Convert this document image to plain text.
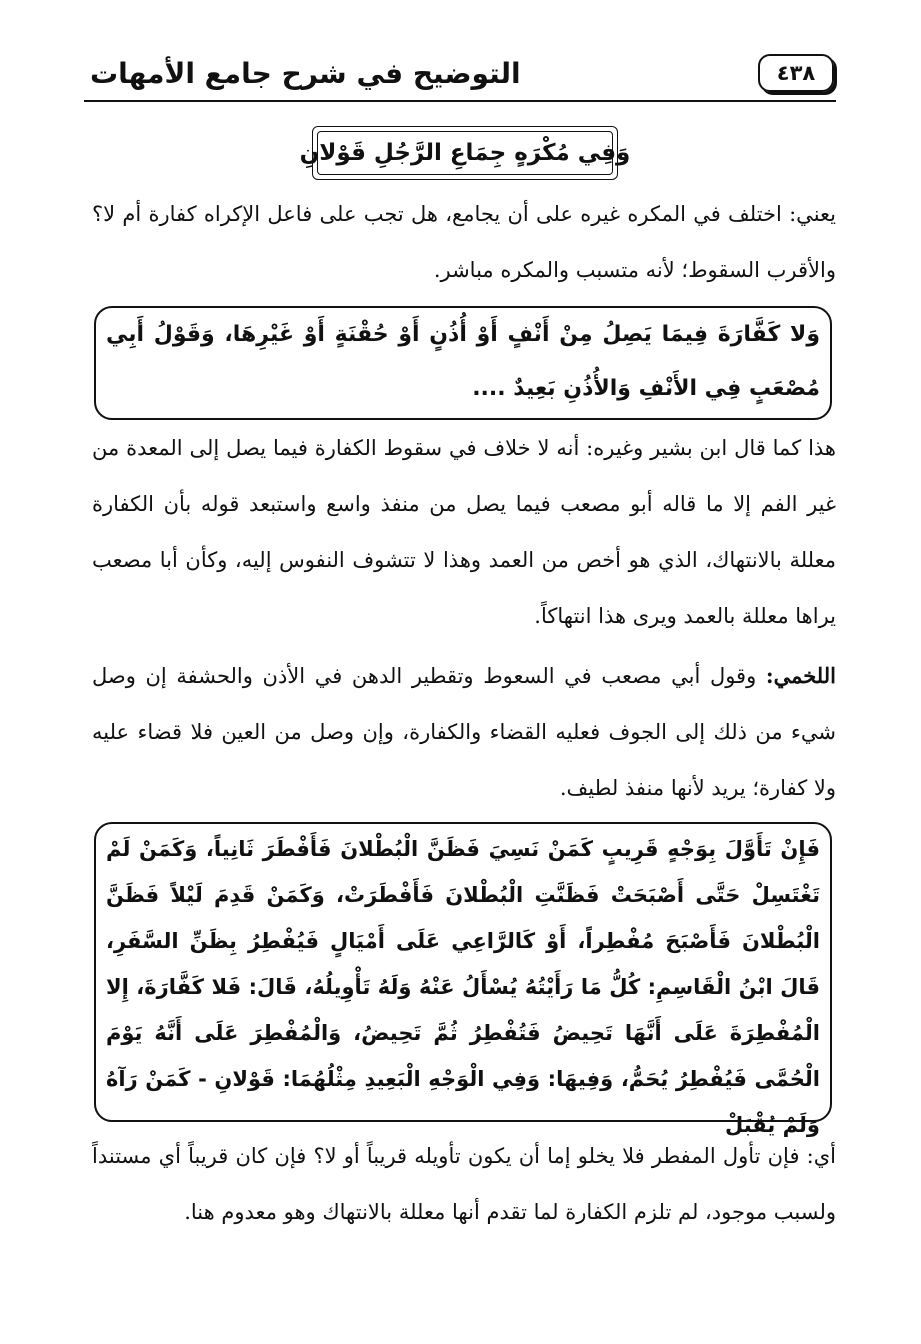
٤٣٨
التوضيح في شرح جامع الأمهات
وَفِي مُكْرَهٍ جِمَاعِ الرَّجُلِ قَوْلانِ

يعني: اختلف في المكره غيره على أن يجامع، هل تجب على فاعل الإكراه كفارة أم لا؟ والأقرب السقوط؛ لأنه متسبب والمكره مباشر.

وَلا كَفَّارَةَ فِيمَا يَصِلُ مِنْ أَنْفٍ أَوْ أُذُنٍ أَوْ حُقْنَةٍ أَوْ غَيْرِهَا، وَقَوْلُ أَبِي مُصْعَبٍ فِي الأَنْفِ وَالأُذُنِ بَعِيدٌ ....

هذا كما قال ابن بشير وغيره: أنه لا خلاف في سقوط الكفارة فيما يصل إلى المعدة من غير الفم إلا ما قاله أبو مصعب فيما يصل من منفذ واسع واستبعد قوله بأن الكفارة معللة بالانتهاك، الذي هو أخص من العمد وهذا لا تتشوف النفوس إليه، وكأن أبا مصعب يراها معللة بالعمد ويرى هذا انتهاكاً.

اللخمي: وقول أبي مصعب في السعوط وتقطير الدهن في الأذن والحشفة إن وصل شيء من ذلك إلى الجوف فعليه القضاء والكفارة، وإن وصل من العين فلا قضاء عليه ولا كفارة؛ يريد لأنها منفذ لطيف.

فَإِنْ تَأَوَّلَ بِوَجْهٍ قَرِيبٍ كَمَنْ نَسِيَ فَظَنَّ الْبُطْلانَ فَأَفْطَرَ ثَانِياً، وَكَمَنْ لَمْ تَغْتَسِلْ حَتَّى أَصْبَحَتْ فَظَنَّتِ الْبُطْلانَ فَأَفْطَرَتْ، وَكَمَنْ قَدِمَ لَيْلاً فَظَنَّ الْبُطْلانَ فَأَصْبَحَ مُفْطِراً، أَوْ كَالرَّاعِي عَلَى أَمْيَالٍ فَيُفْطِرُ بِظَنِّ السَّفَرِ، قَالَ ابْنُ الْقَاسِمِ: كُلُّ مَا رَأَيْتُهُ يُسْأَلُ عَنْهُ وَلَهُ تَأْوِيلُهُ، قَالَ: فَلا كَفَّارَةَ، إِلا الْمُفْطِرَةَ عَلَى أَنَّهَا تَحِيضُ فَتُفْطِرُ ثُمَّ تَحِيضُ، وَالْمُفْطِرَ عَلَى أَنَّهُ يَوْمَ الْحُمَّى فَيُفْطِرُ يُحَمُّ، وَفِيهَا: وَفِي الْوَجْهِ الْبَعِيدِ مِثْلُهُمَا: قَوْلانِ - كَمَنْ رَآهُ وَلَمْ يُقْبَلْ

أي: فإن تأول المفطر فلا يخلو إما أن يكون تأويله قريباً أو لا؟ فإن كان قريباً أي مستنداً ولسبب موجود، لم تلزم الكفارة لما تقدم أنها معللة بالانتهاك وهو معدوم هنا.
